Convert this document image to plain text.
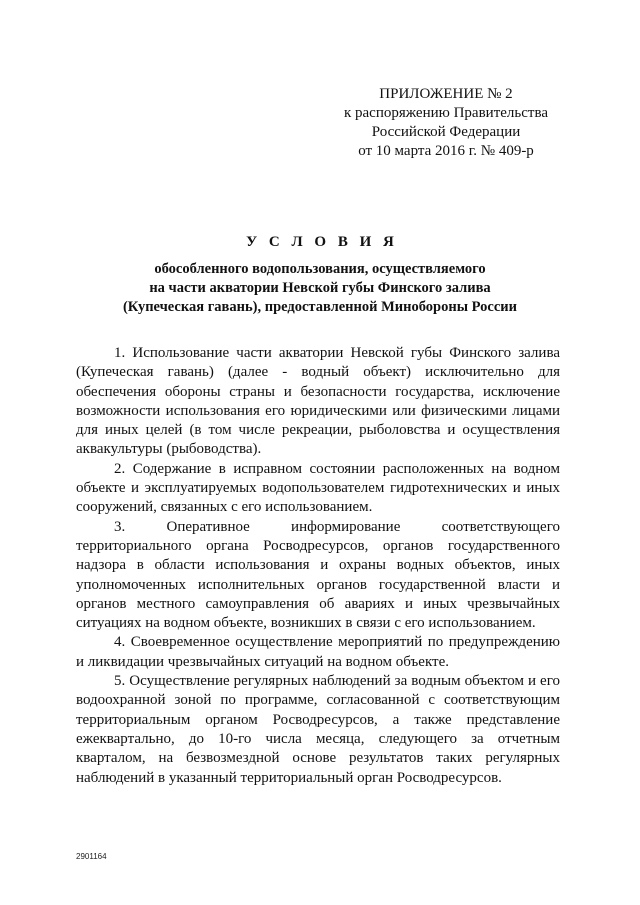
ПРИЛОЖЕНИЕ № 2
к распоряжению Правительства
Российской Федерации
от 10 марта 2016 г. № 409-р
У С Л О В И Я
обособленного водопользования, осуществляемого
на части акватории Невской губы Финского залива
(Купеческая гавань), предоставленной Минобороны России

1. Использование части акватории Невской губы Финского залива (Купеческая гавань) (далее - водный объект) исключительно для обеспечения обороны страны и безопасности государства, исключение возможности использования его юридическими или физическими лицами для иных целей (в том числе рекреации, рыболовства и осуществления аквакультуры (рыбоводства).

2. Содержание в исправном состоянии расположенных на водном объекте и эксплуатируемых водопользователем гидротехнических и иных сооружений, связанных с его использованием.

3. Оперативное информирование соответствующего территориального органа Росводресурсов, органов государственного надзора в области использования и охраны водных объектов, иных уполномоченных исполнительных органов государственной власти и органов местного самоуправления об авариях и иных чрезвычайных ситуациях на водном объекте, возникших в связи с его использованием.

4. Своевременное осуществление мероприятий по предупреждению и ликвидации чрезвычайных ситуаций на водном объекте.

5. Осуществление регулярных наблюдений за водным объектом и его водоохранной зоной по программе, согласованной с соответствующим территориальным органом Росводресурсов, а также представление ежеквартально, до 10-го числа месяца, следующего за отчетным кварталом, на безвозмездной основе результатов таких регулярных наблюдений в указанный территориальный орган Росводресурсов.

2901164
